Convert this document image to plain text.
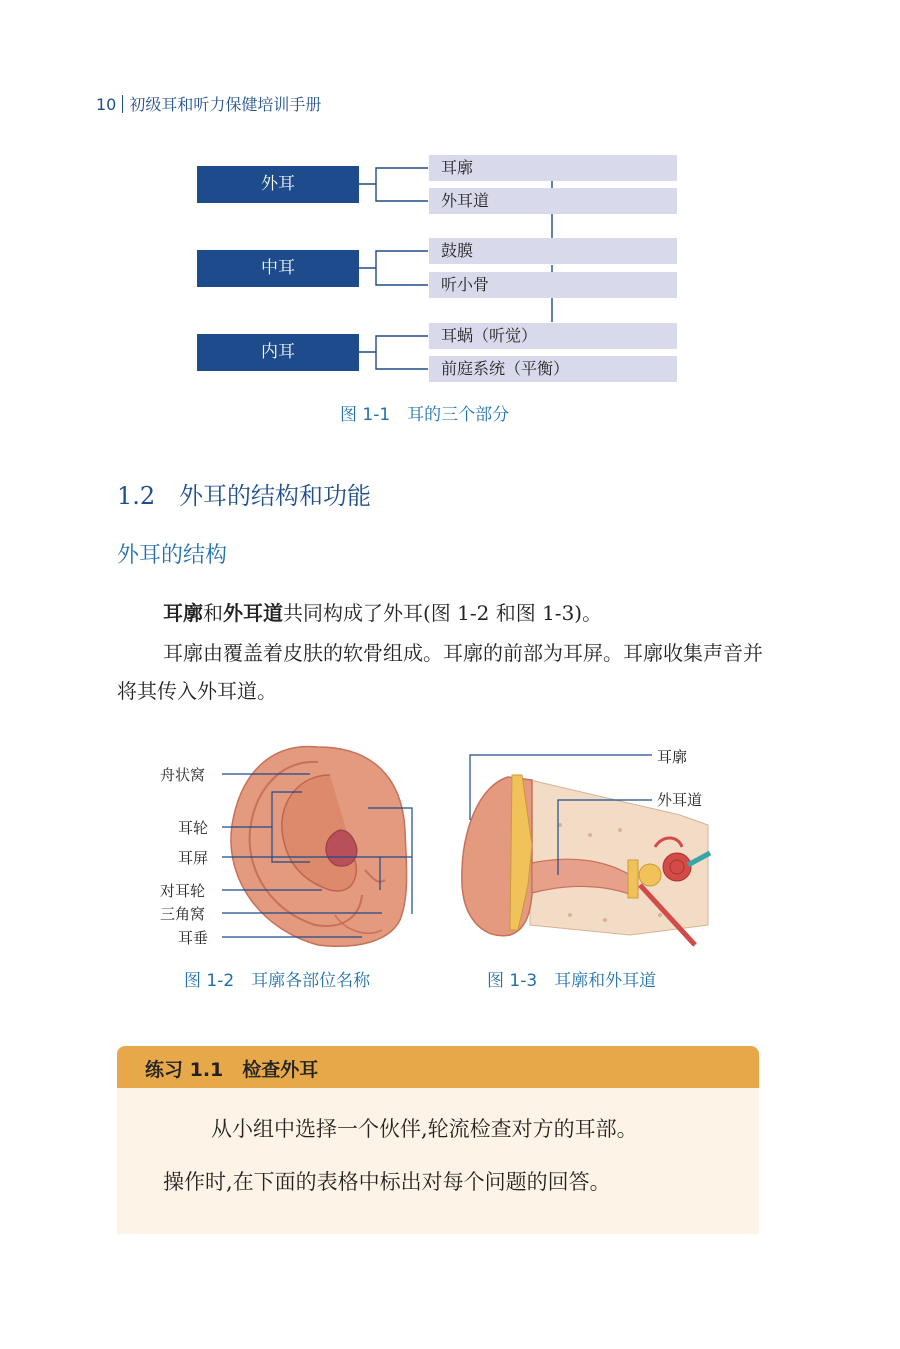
10 初级耳和听力保健培训手册
外耳
中耳
内耳
耳廓
外耳道
鼓膜
听小骨
耳蜗（听觉）
前庭系统（平衡）
图 1-1　耳的三个部分
1.2 外耳的结构和功能
外耳的结构
耳廓和外耳道共同构成了外耳(图 1-2 和图 1-3)。
耳廓由覆盖着皮肤的软骨组成。耳廓的前部为耳屏。耳廓收集声音并将其传入外耳道。
舟状窝
耳轮
耳屏
对耳轮
三角窝
耳垂
图 1-2　耳廓各部位名称
耳廓
外耳道
图 1-3　耳廓和外耳道
练习 1.1　检查外耳
从小组中选择一个伙伴,轮流检查对方的耳部。
操作时,在下面的表格中标出对每个问题的回答。
